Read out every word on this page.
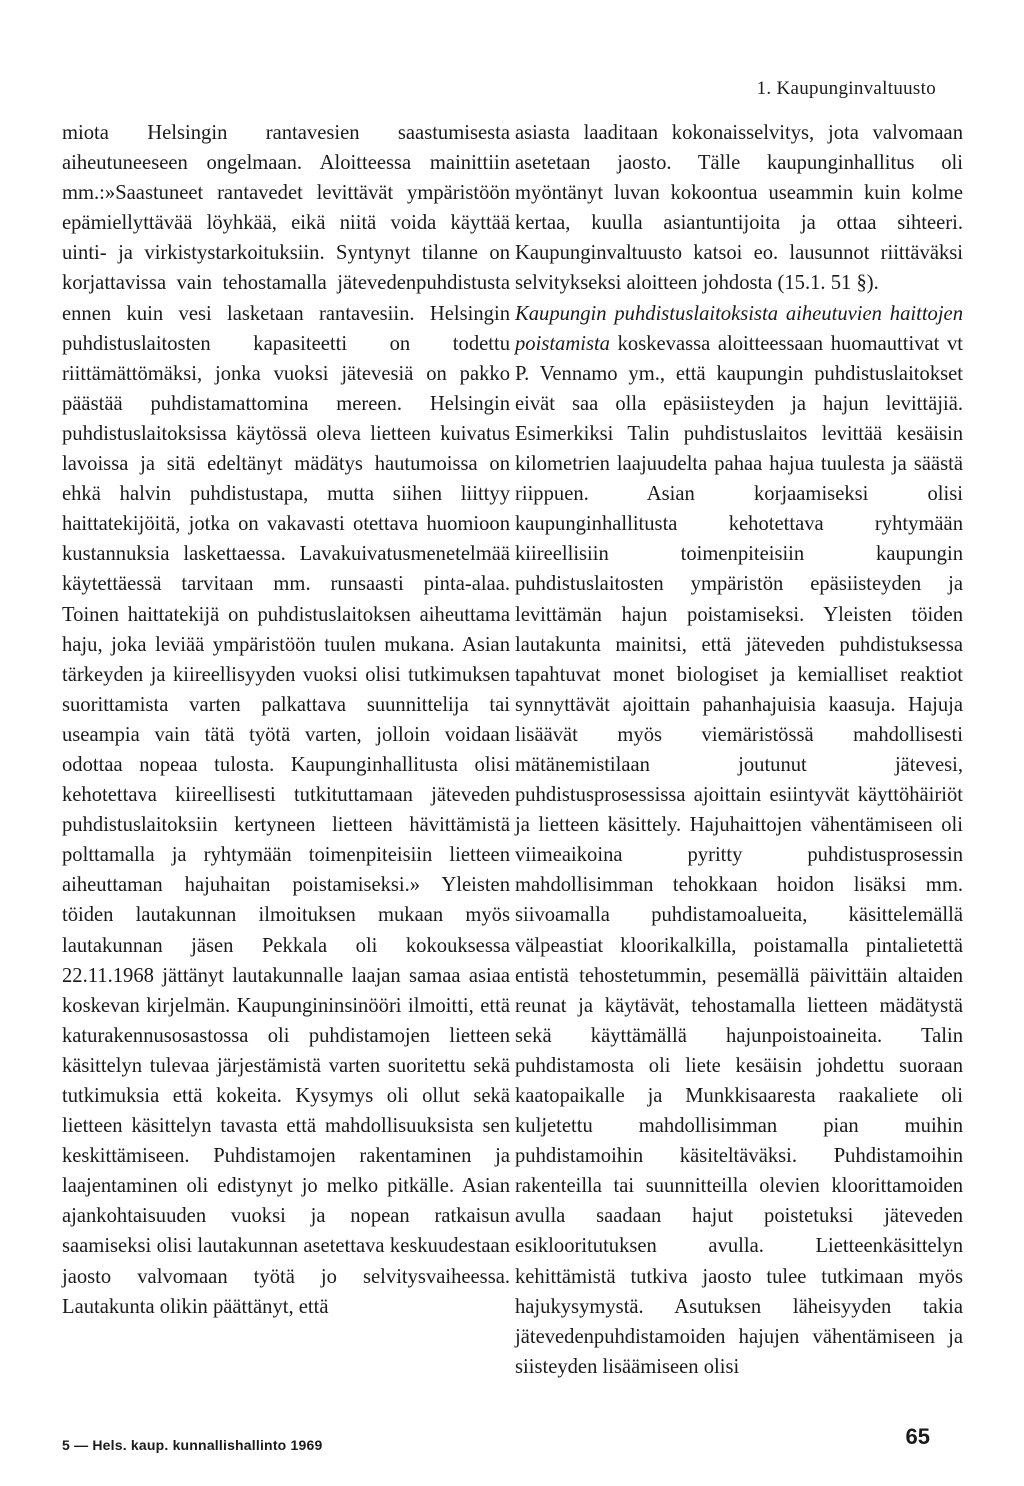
1. Kaupunginvaltuusto

miota Helsingin rantavesien saastumisesta aiheutuneeseen ongelmaan. Aloitteessa mainittiin mm.:»Saastuneet rantavedet levittävät ympäristöön epämiellyttävää löyhkää, eikä niitä voida käyttää uinti- ja virkistystarkoituksiin. Syntynyt tilanne on korjattavissa vain tehostamalla jätevedenpuhdistusta ennen kuin vesi lasketaan rantavesiin. Helsingin puhdistuslaitosten kapasiteetti on todettu riittämättömäksi, jonka vuoksi jätevesiä on pakko päästää puhdistamattomina mereen. Helsingin puhdistuslaitoksissa käytössä oleva lietteen kuivatus lavoissa ja sitä edeltänyt mädätys hautumoissa on ehkä halvin puhdistustapa, mutta siihen liittyy haittatekijöitä, jotka on vakavasti otettava huomioon kustannuksia laskettaessa. Lavakuivatusmenetelmää käytettäessä tarvitaan mm. runsaasti pinta-alaa. Toinen haittatekijä on puhdistuslaitoksen aiheuttama haju, joka leviää ympäristöön tuulen mukana. Asian tärkeyden ja kiireellisyyden vuoksi olisi tutkimuksen suorittamista varten palkattava suunnittelija tai useampia vain tätä työtä varten, jolloin voidaan odottaa nopeaa tulosta. Kaupunginhallitusta olisi kehotettava kiireellisesti tutkituttamaan jäteveden puhdistuslaitoksiin kertyneen lietteen hävittämistä polttamalla ja ryhtymään toimenpiteisiin lietteen aiheuttaman hajuhaitan poistamiseksi.» Yleisten töiden lautakunnan ilmoituksen mukaan myös lautakunnan jäsen Pekkala oli kokouksessa 22.11.1968 jättänyt lautakunnalle laajan samaa asiaa koskevan kirjelmän. Kaupungininsinööri ilmoitti, että katurakennusosastossa oli puhdistamojen lietteen käsittelyn tulevaa järjestämistä varten suoritettu sekä tutkimuksia että kokeita. Kysymys oli ollut sekä lietteen käsittelyn tavasta että mahdollisuuksista sen keskittämiseen. Puhdistamojen rakentaminen ja laajentaminen oli edistynyt jo melko pitkälle. Asian ajankohtaisuuden vuoksi ja nopean ratkaisun saamiseksi olisi lautakunnan asetettava keskuudestaan jaosto valvomaan työtä jo selvitysvaiheessa. Lautakunta olikin päättänyt, että

asiasta laaditaan kokonaisselvitys, jota valvomaan asetetaan jaosto. Tälle kaupunginhallitus oli myöntänyt luvan kokoontua useammin kuin kolme kertaa, kuulla asiantuntijoita ja ottaa sihteeri. Kaupunginvaltuusto katsoi eo. lausunnot riittäväksi selvitykseksi aloitteen johdosta (15.1. 51 §).

Kaupungin puhdistuslaitoksista aiheutuvien haittojen poistamista koskevassa aloitteessaan huomauttivat vt P. Vennamo ym., että kaupungin puhdistuslaitokset eivät saa olla epäsiisteyden ja hajun levittäjiä. Esimerkiksi Talin puhdistuslaitos levittää kesäisin kilometrien laajuudelta pahaa hajua tuulesta ja säästä riippuen. Asian korjaamiseksi olisi kaupunginhallitusta kehotettava ryhtymään kiireellisiin toimenpiteisiin kaupungin puhdistuslaitosten ympäristön epäsiisteyden ja levittämän hajun poistamiseksi. Yleisten töiden lautakunta mainitsi, että jäteveden puhdistuksessa tapahtuvat monet biologiset ja kemialliset reaktiot synnyttävät ajoittain pahanhajuisia kaasuja. Hajuja lisäävät myös viemäristössä mahdollisesti mätänemistilaan joutunut jätevesi, puhdistusprosessissa ajoittain esiintyvät käyttöhäiriöt ja lietteen käsittely. Hajuhaittojen vähentämiseen oli viimeaikoina pyritty puhdistusprosessin mahdollisimman tehokkaan hoidon lisäksi mm. siivoamalla puhdistamoalueita, käsittelemällä välpeastiat kloorikalkilla, poistamalla pintalietettä entistä tehostetummin, pesemällä päivittäin altaiden reunat ja käytävät, tehostamalla lietteen mädätystä sekä käyttämällä hajunpoistoaineita. Talin puhdistamosta oli liete kesäisin johdettu suoraan kaatopaikalle ja Munkkisaaresta raakaliete oli kuljetettu mahdollisimman pian muihin puhdistamoihin käsiteltäväksi. Puhdistamoihin rakenteilla tai suunnitteilla olevien kloorittamoiden avulla saadaan hajut poistetuksi jäteveden esiklooritutuksen avulla. Lietteenkäsittelyn kehittämistä tutkiva jaosto tulee tutkimaan myös hajukysymystä. Asutuksen läheisyyden takia jätevedenpuhdistamoiden hajujen vähentämiseen ja siisteyden lisäämiseen olisi

5 — Hels. kaup. kunnallishallinto 1969	65
